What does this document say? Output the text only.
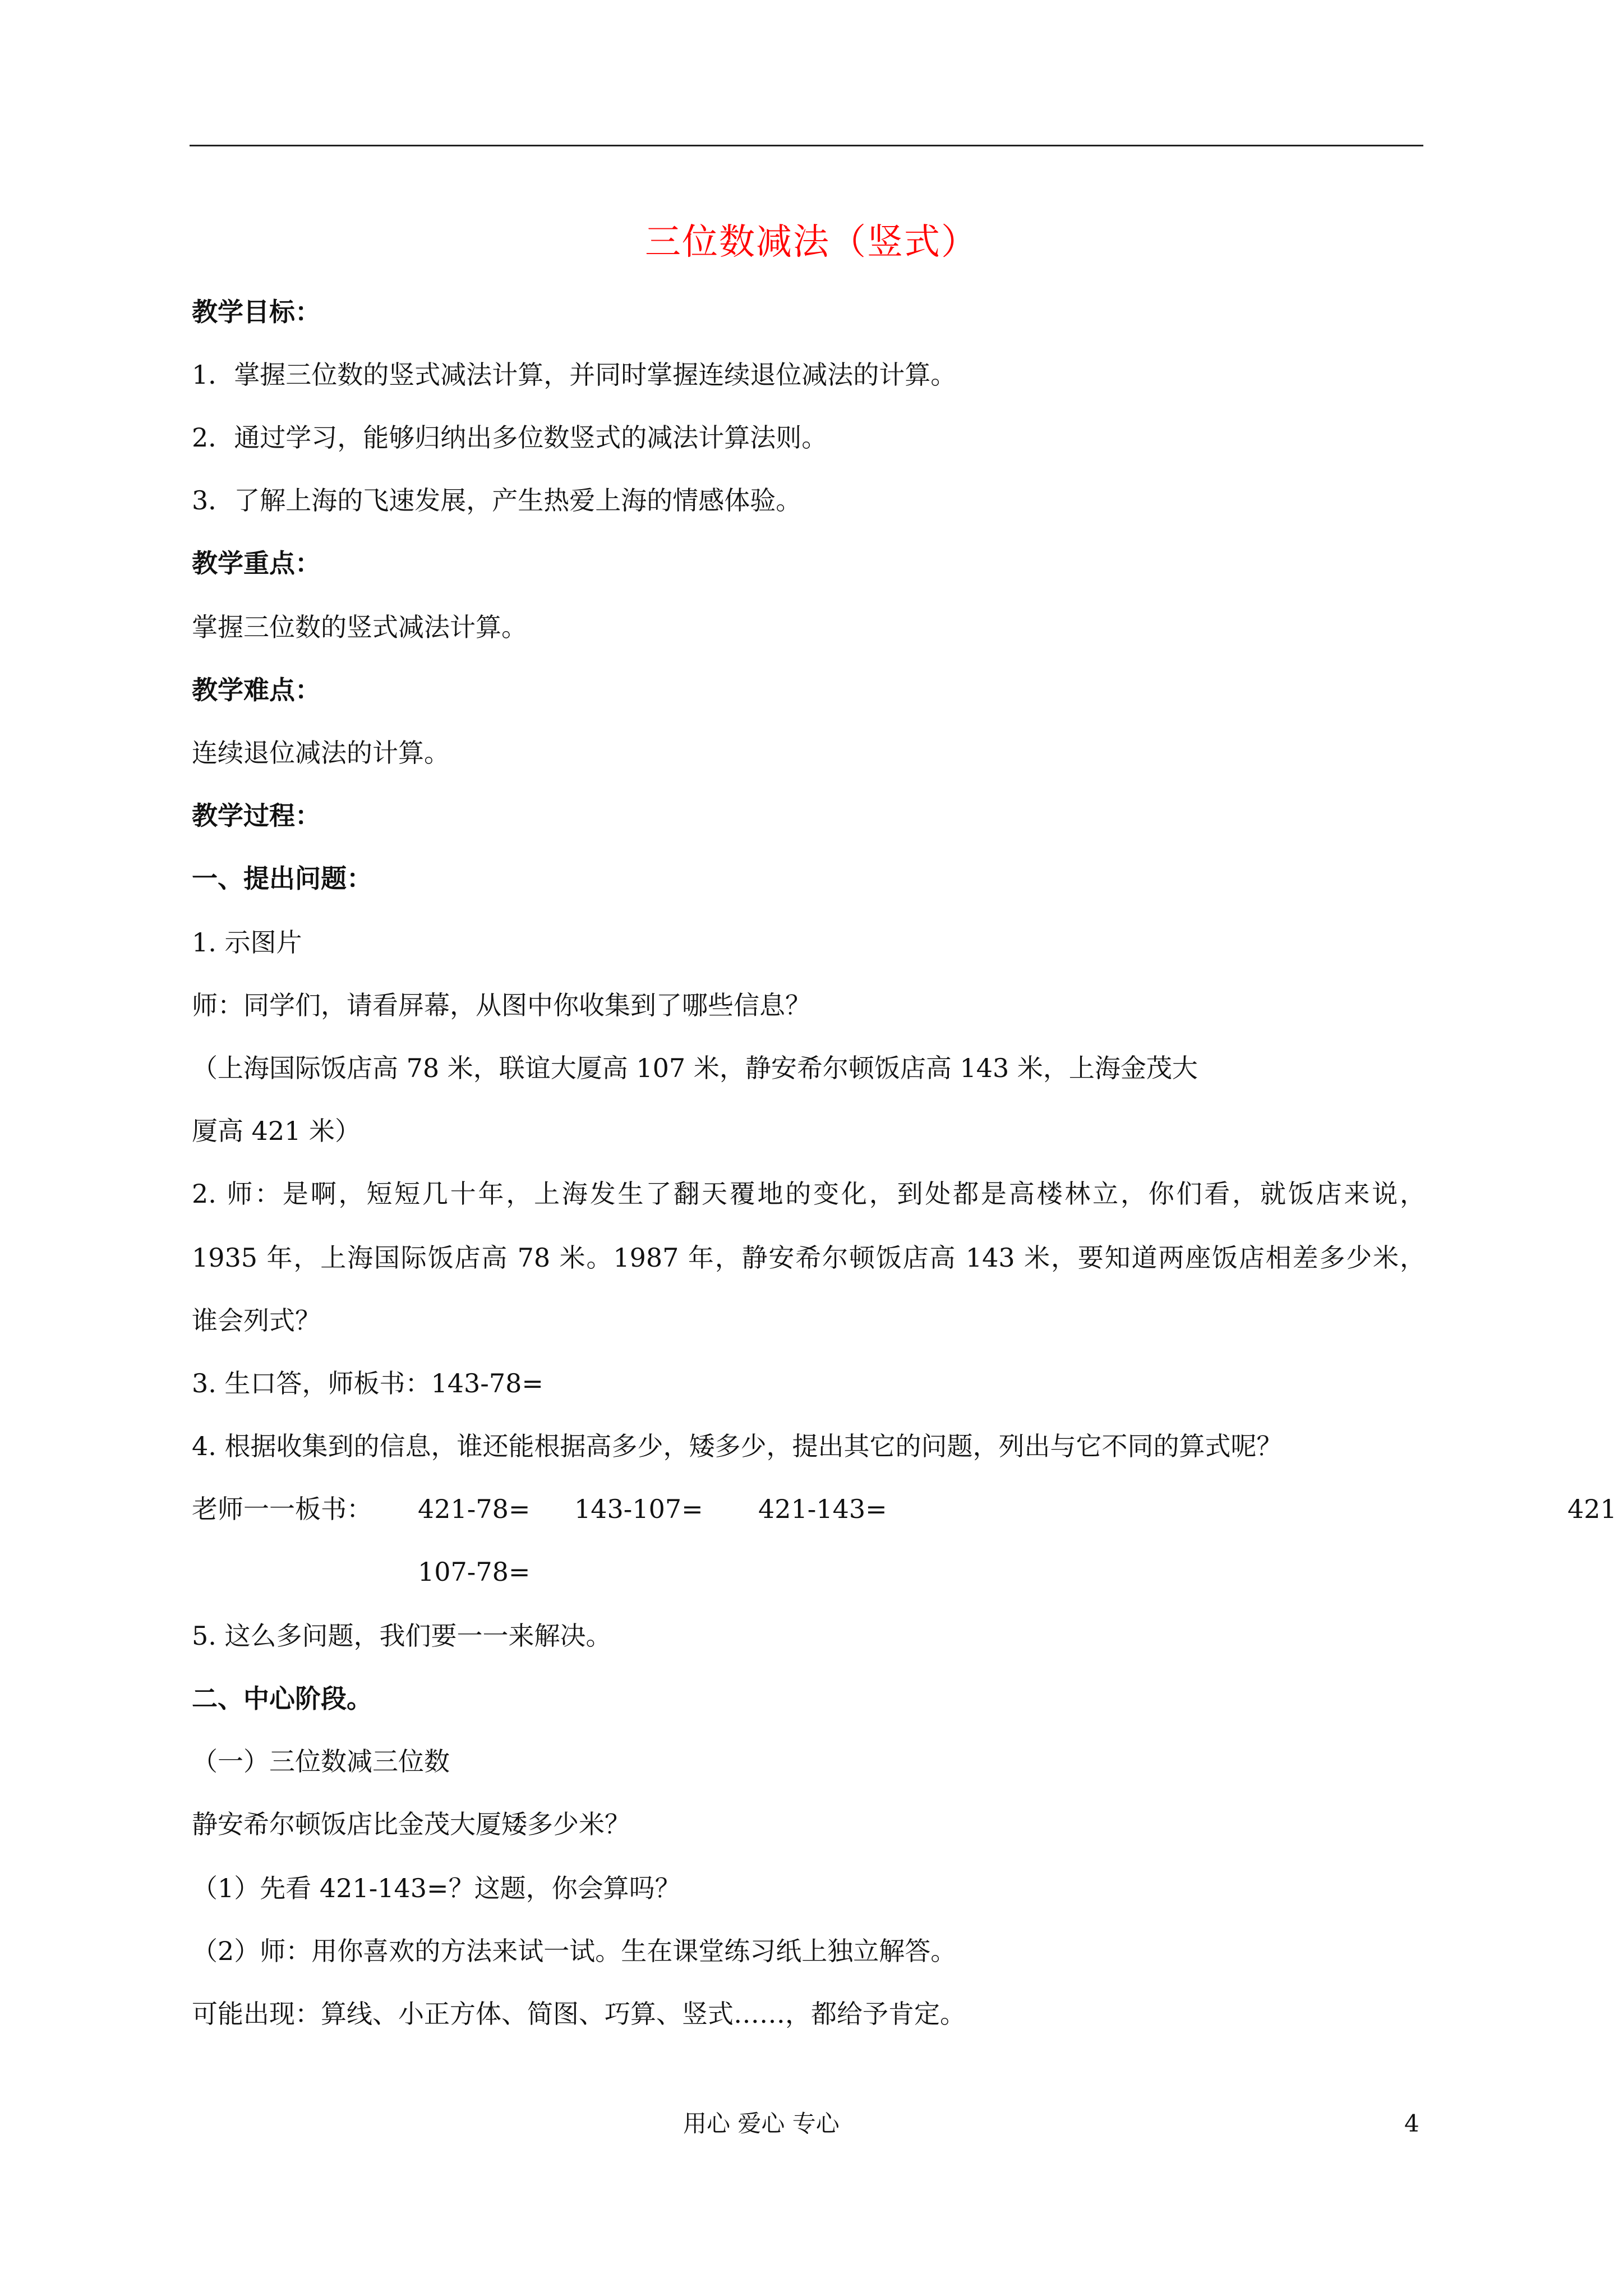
三位数减法（竖式）
教学目标：
1．掌握三位数的竖式减法计算，并同时掌握连续退位减法的计算。
2．通过学习，能够归纳出多位数竖式的减法计算法则。
3．了解上海的飞速发展，产生热爱上海的情感体验。
教学重点：
掌握三位数的竖式减法计算。
教学难点：
连续退位减法的计算。
教学过程：
一、提出问题：
1. 示图片
师：同学们，请看屏幕，从图中你收集到了哪些信息？
（上海国际饭店高 78 米，联谊大厦高 107 米，静安希尔顿饭店高 143 米，上海金茂大
厦高 421 米）
2. 师：是啊，短短几十年，上海发生了翻天覆地的变化，到处都是高楼林立，你们看，就饭店来说，
1935 年，上海国际饭店高 78 米。1987 年，静安希尔顿饭店高 143 米，要知道两座饭店相差多少米，
谁会列式？
3. 生口答，师板书：143-78=
4. 根据收集到的信息，谁还能根据高多少，矮多少，提出其它的问题，列出与它不同的算式呢？
老师一一板书： 421-78= 143-107= 421-143=	421
107-78=
5. 这么多问题，我们要一一来解决。
二、中心阶段。
（一）三位数减三位数
静安希尔顿饭店比金茂大厦矮多少米？
（1）先看 421-143=？这题，你会算吗？
（2）师：用你喜欢的方法来试一试。生在课堂练习纸上独立解答。
可能出现：算线、小正方体、简图、巧算、竖式……，都给予肯定。
用心 爱心 专心	4
